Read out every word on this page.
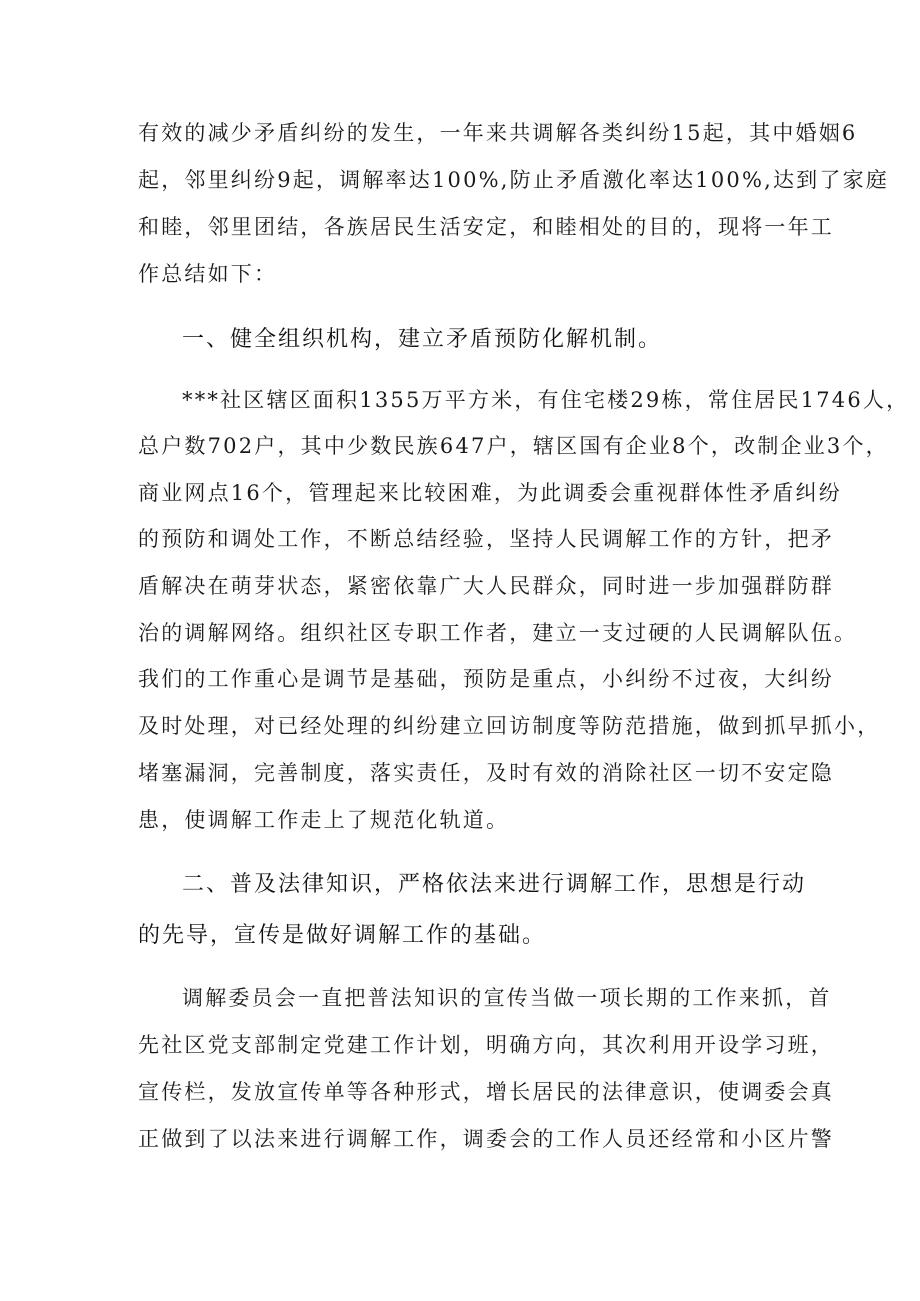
有效的减少矛盾纠纷的发生，一年来共调解各类纠纷15起，其中婚姻6
起，邻里纠纷9起，调解率达100%,防止矛盾激化率达100%,达到了家庭
和睦，邻里团结，各族居民生活安定，和睦相处的目的，现将一年工
作总结如下：
一、健全组织机构，建立矛盾预防化解机制。
***社区辖区面积1355万平方米，有住宅楼29栋，常住居民1746人，
总户数702户，其中少数民族647户，辖区国有企业8个，改制企业3个，
商业网点16个，管理起来比较困难，为此调委会重视群体性矛盾纠纷
的预防和调处工作，不断总结经验，坚持人民调解工作的方针，把矛
盾解决在萌芽状态，紧密依靠广大人民群众，同时进一步加强群防群
治的调解网络。组织社区专职工作者，建立一支过硬的人民调解队伍。
我们的工作重心是调节是基础，预防是重点，小纠纷不过夜，大纠纷
及时处理，对已经处理的纠纷建立回访制度等防范措施，做到抓早抓小，
堵塞漏洞，完善制度，落实责任，及时有效的消除社区一切不安定隐
患，使调解工作走上了规范化轨道。
二、普及法律知识，严格依法来进行调解工作，思想是行动
的先导，宣传是做好调解工作的基础。
调解委员会一直把普法知识的宣传当做一项长期的工作来抓，首
先社区党支部制定党建工作计划，明确方向，其次利用开设学习班，
宣传栏，发放宣传单等各种形式，增长居民的法律意识，使调委会真
正做到了以法来进行调解工作，调委会的工作人员还经常和小区片警
